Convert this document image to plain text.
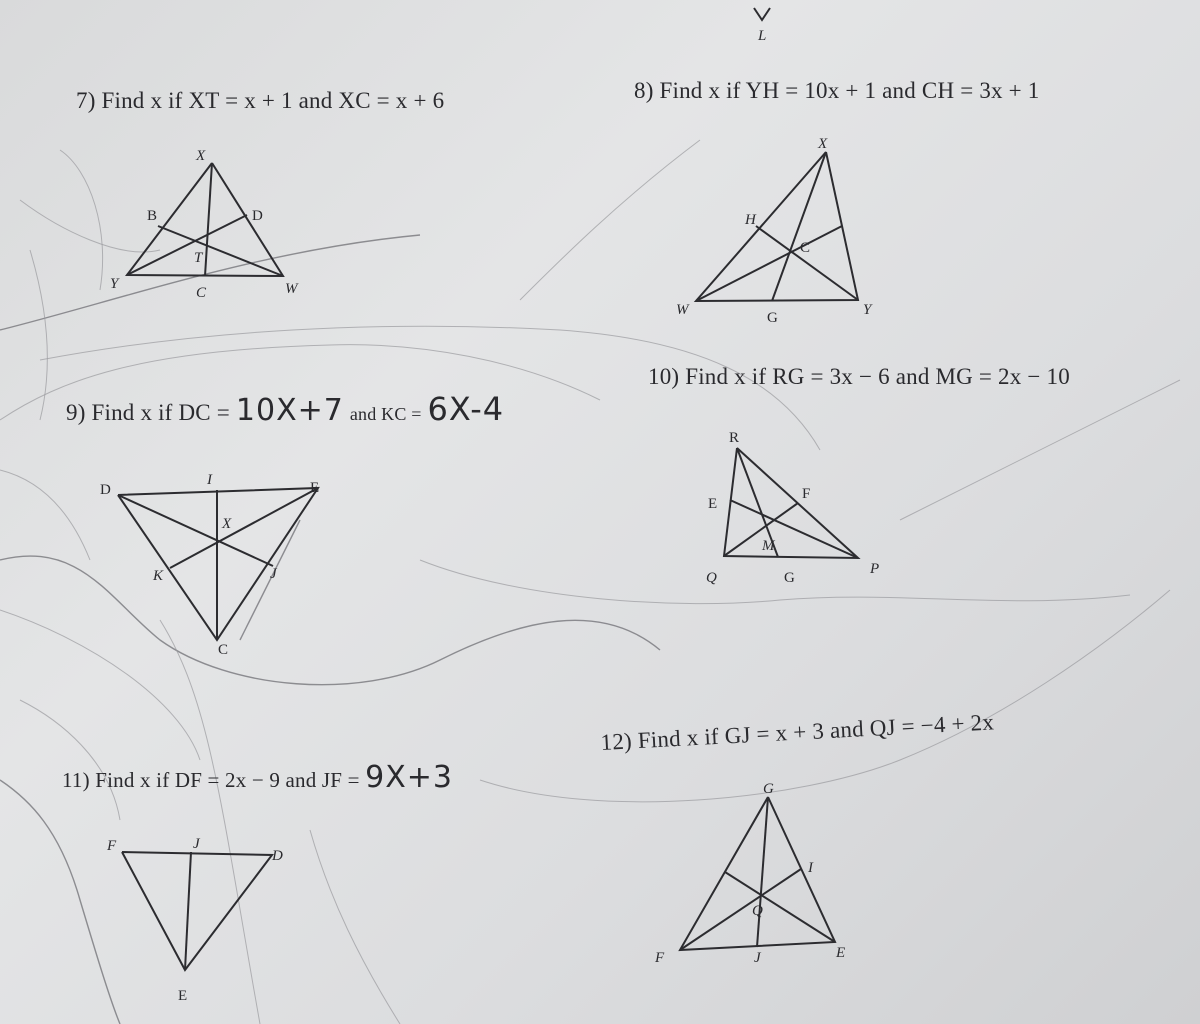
X
B	D
T
Y
C	W
L
X
H
C
W	G	Y
D
I	E
X
K	J
C
R
E
F
M
Q	G
P
F	J
D
E
G
I
Q
F	J	E
7) Find x if XT = x + 1 and XC = x + 6	8) Find x if YH = 10x + 1 and CH = 3x + 1
9) Find x if DC = 10X+7 and KC = 6X-4
10) Find x if RG = 3x − 6 and MG = 2x − 10
11) Find x if DF = 2x − 9 and JF = 9X+3
12) Find x if GJ = x + 3 and QJ = −4 + 2x
